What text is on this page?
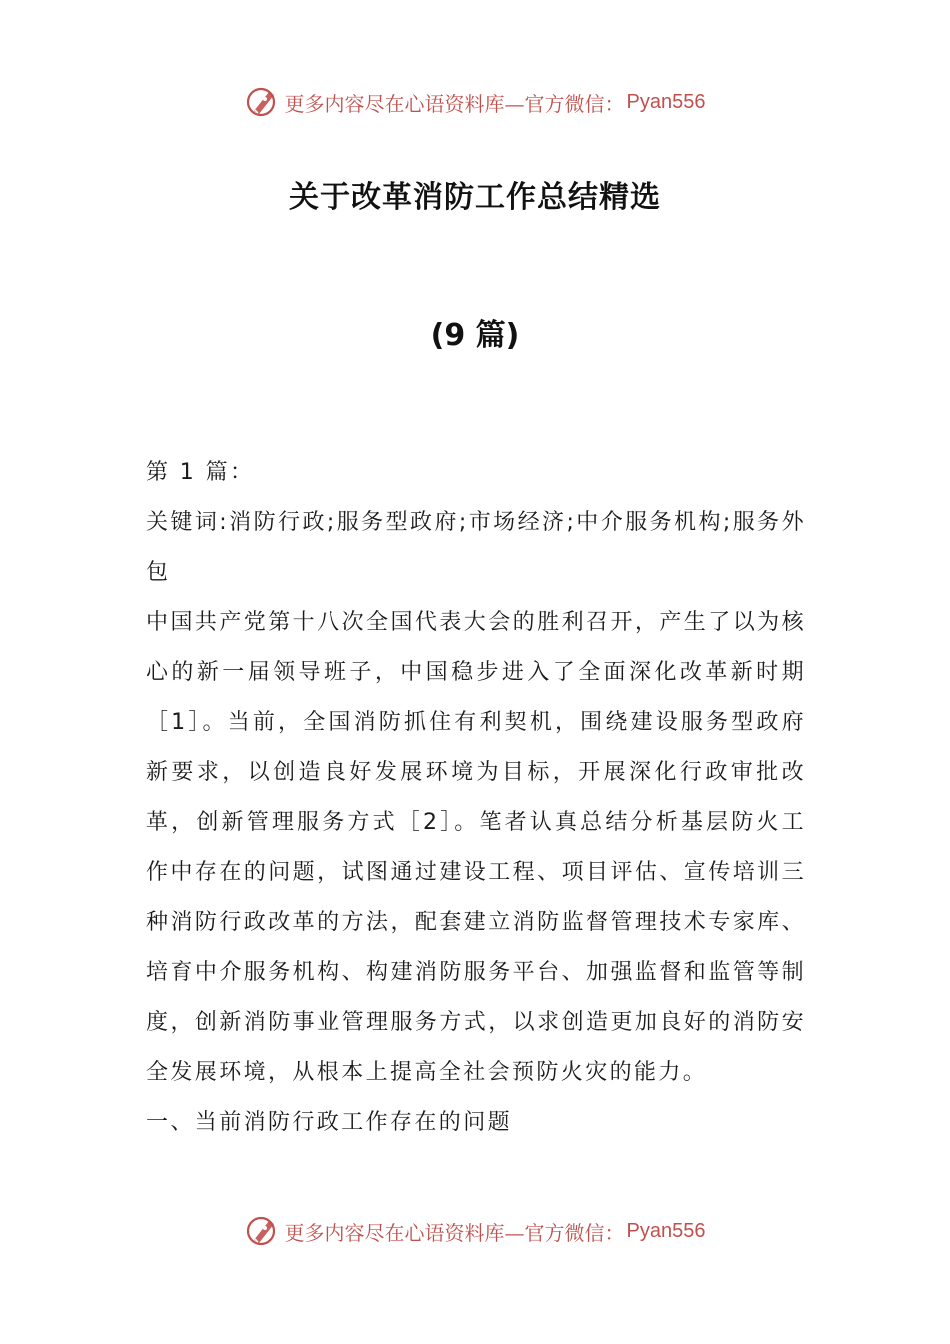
更多内容尽在心语资料库—官方微信： Pyan556
关于改革消防工作总结精选
(9 篇)

第 1 篇：

关键词:消防行政;服务型政府;市场经济;中介服务机构;服务外包

中国共产党第十八次全国代表大会的胜利召开，产生了以为核心的新一届领导班子，中国稳步进入了全面深化改革新时期［1］。当前，全国消防抓住有利契机，围绕建设服务型政府新要求，以创造良好发展环境为目标，开展深化行政审批改革，创新管理服务方式［2］。笔者认真总结分析基层防火工作中存在的问题，试图通过建设工程、项目评估、宣传培训三种消防行政改革的方法，配套建立消防监督管理技术专家库、培育中介服务机构、构建消防服务平台、加强监督和监管等制度，创新消防事业管理服务方式，以求创造更加良好的消防安全发展环境，从根本上提高全社会预防火灾的能力。

一、当前消防行政工作存在的问题

更多内容尽在心语资料库—官方微信： Pyan556
